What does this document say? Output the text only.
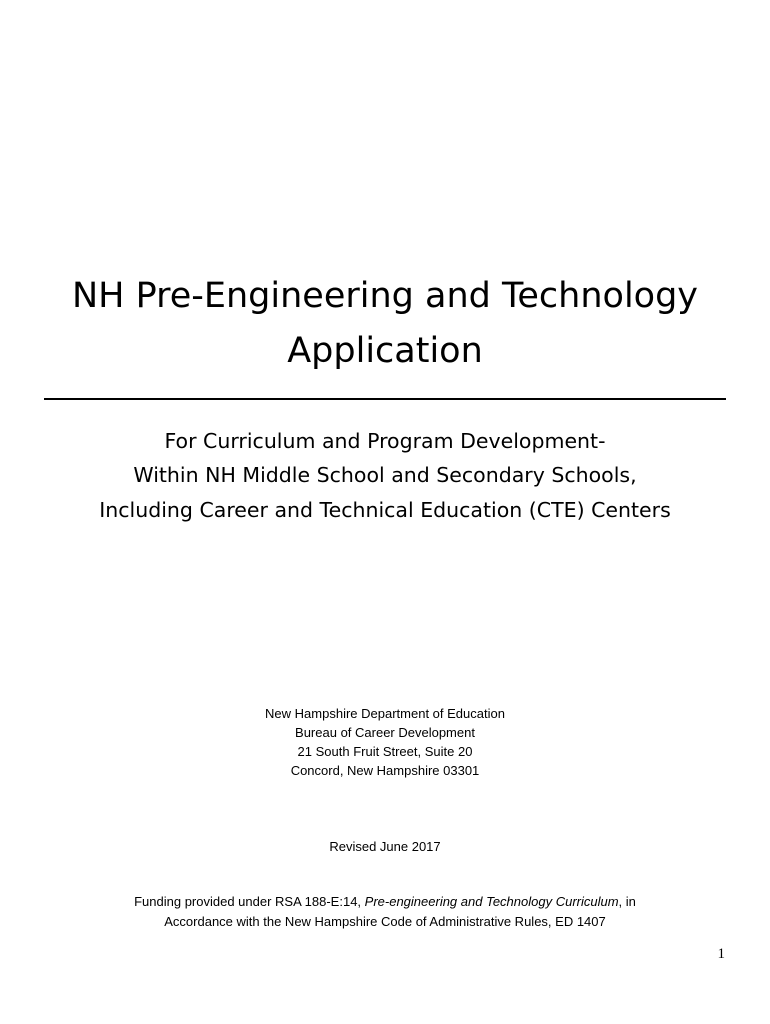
NH Pre-Engineering and Technology
Application
For Curriculum and Program Development-
Within NH Middle School and Secondary Schools,
Including Career and Technical Education (CTE) Centers
New Hampshire Department of Education
Bureau of Career Development
21 South Fruit Street, Suite 20
Concord, New Hampshire 03301
Revised June 2017
Funding provided under RSA 188-E:14, Pre-engineering and Technology Curriculum, in
Accordance with the New Hampshire Code of Administrative Rules, ED 1407
1
